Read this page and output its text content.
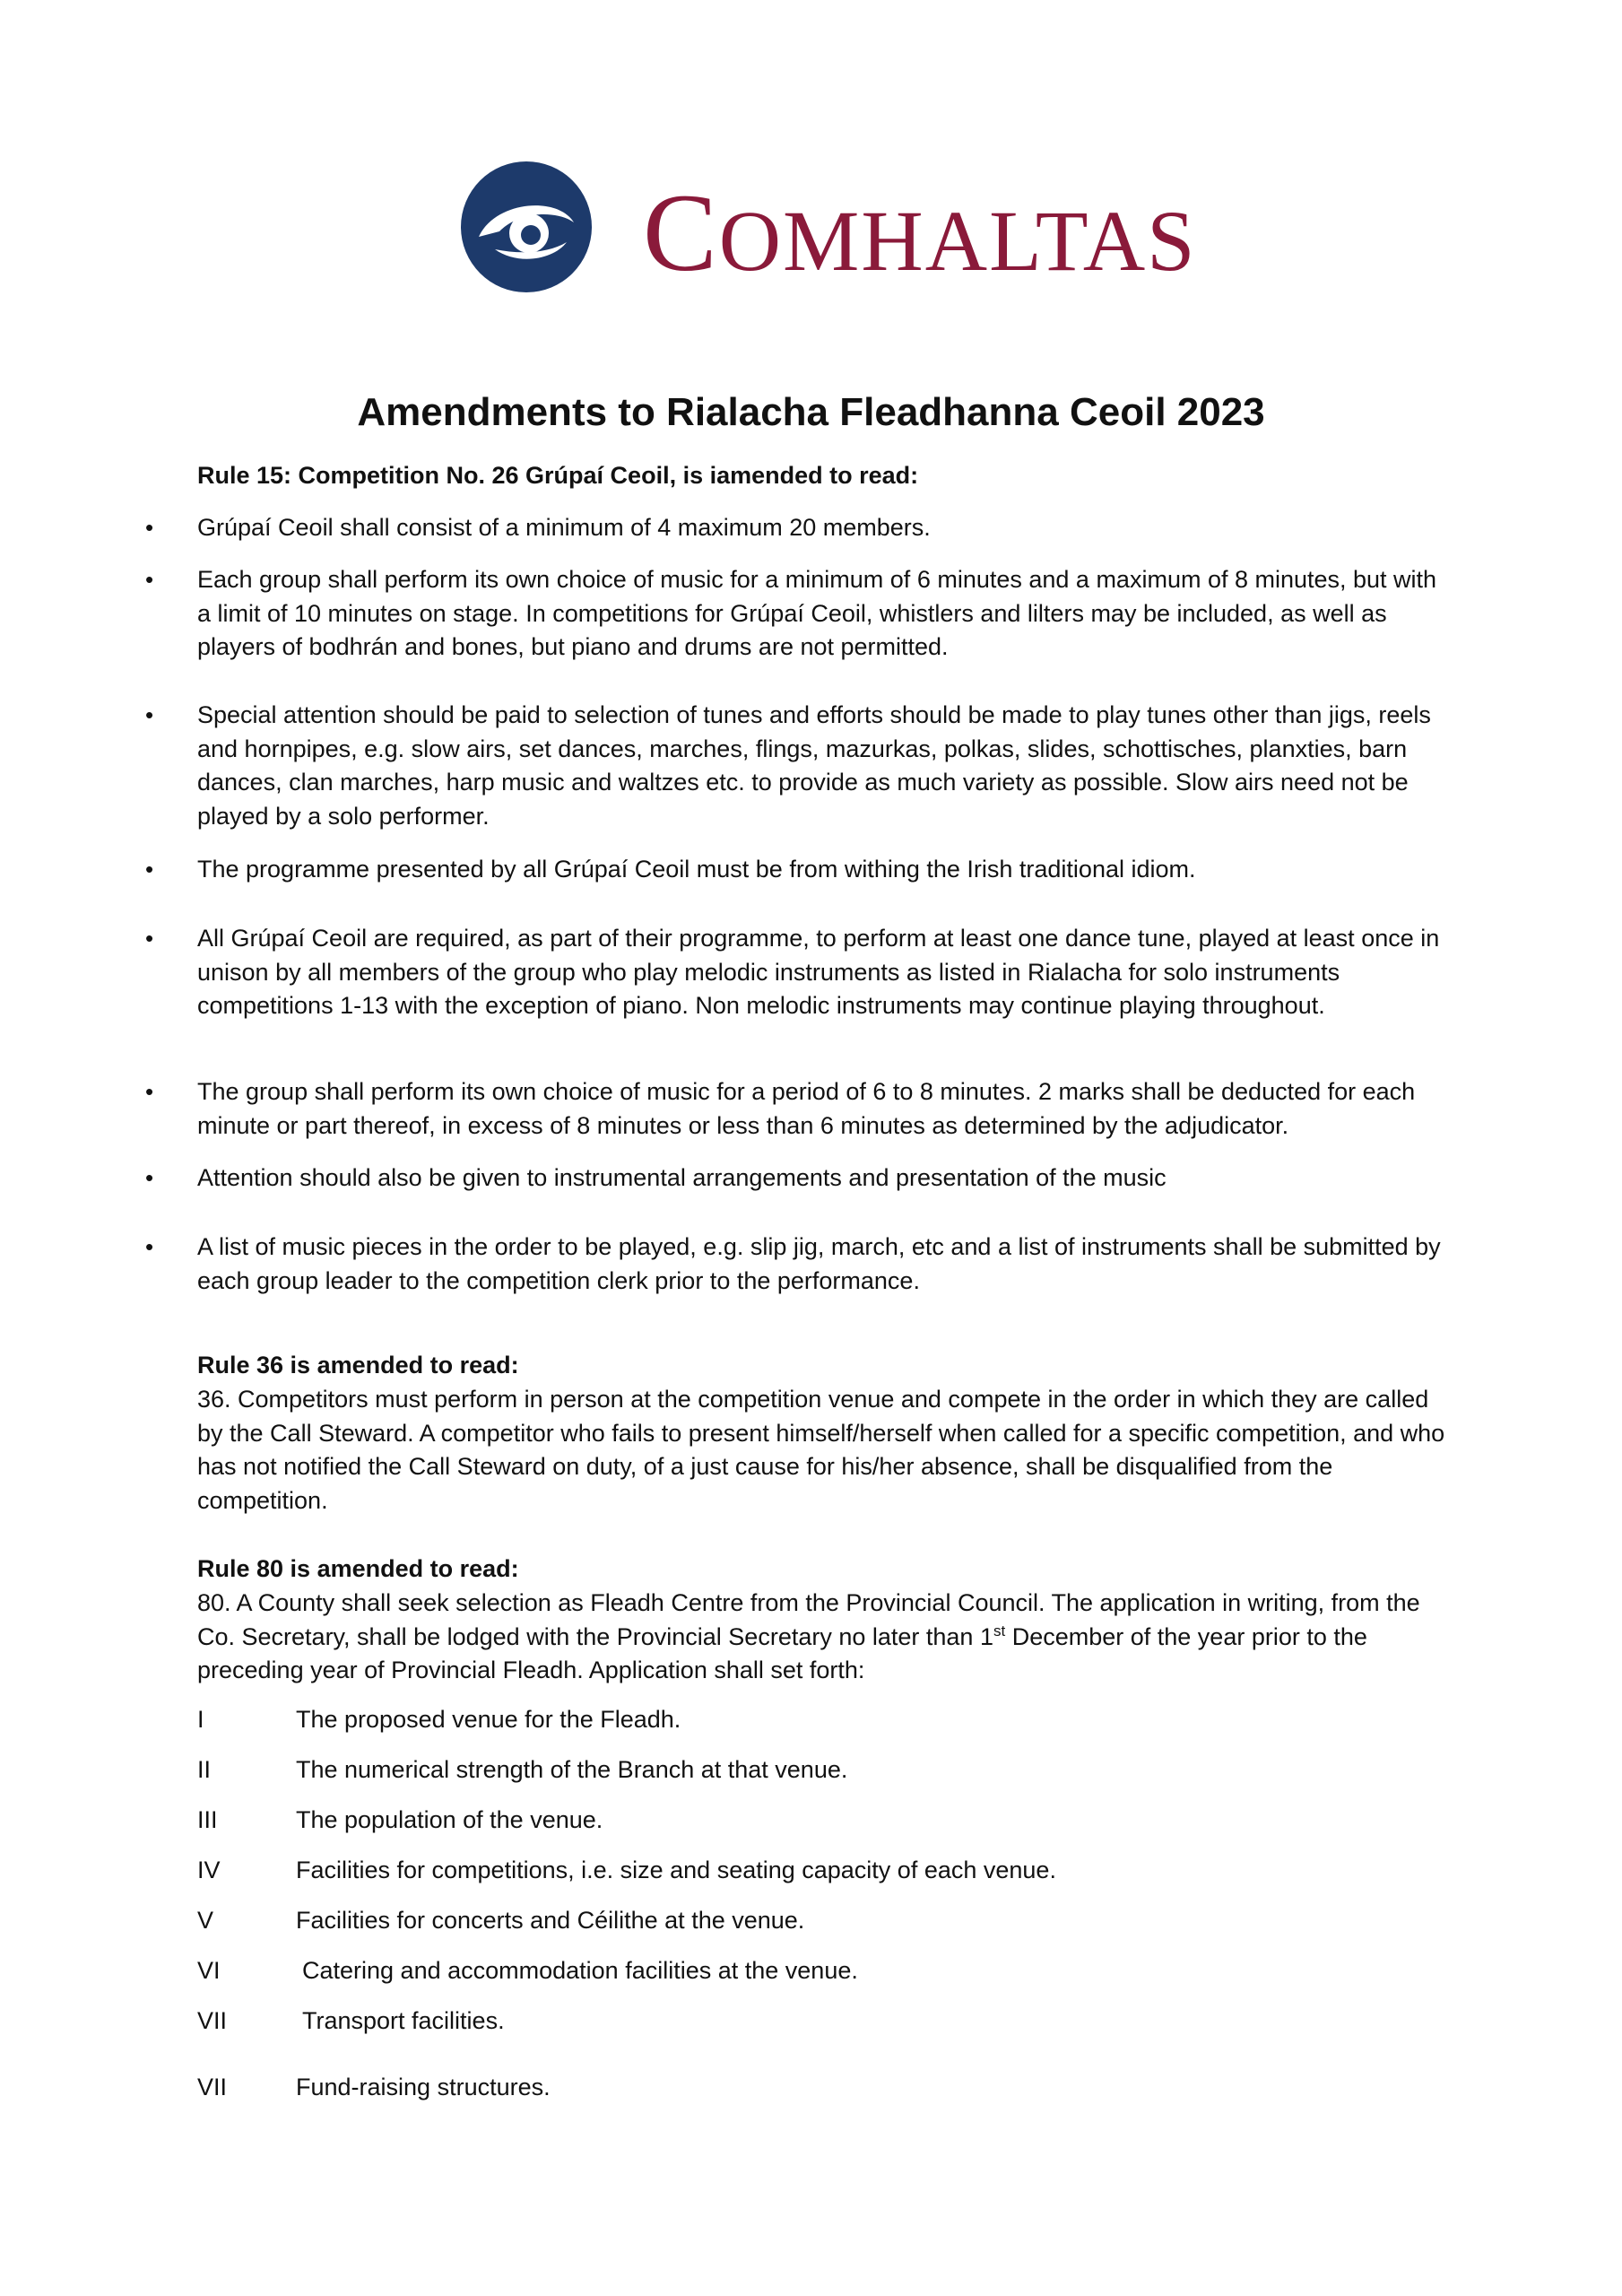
COMHALTAS
Amendments to Rialacha Fleadhanna Ceoil 2023
Rule 15: Competition No. 26 Grúpaí Ceoil, is iamended to read:
• Grúpaí Ceoil shall consist of a minimum of 4 maximum 20 members.
• Each group shall perform its own choice of music for a minimum of 6 minutes and a maximum of 8 minutes, but with a limit of 10 minutes on stage. In competitions for Grúpaí Ceoil, whistlers and lilters may be included, as well as players of bodhrán and bones, but piano and drums are not permitted.
• Special attention should be paid to selection of tunes and efforts should be made to play tunes other than jigs, reels and hornpipes, e.g. slow airs, set dances, marches, flings, mazurkas, polkas, slides, schottisches, planxties, barn dances, clan marches, harp music and waltzes etc. to provide as much variety as possible. Slow airs need not be played by a solo performer.
• The programme presented by all Grúpaí Ceoil must be from withing the Irish traditional idiom.
• All Grúpaí Ceoil are required, as part of their programme, to perform at least one dance tune, played at least once in unison by all members of the group who play melodic instruments as listed in Rialacha for solo instruments competitions 1-13 with the exception of piano. Non melodic instruments may continue playing throughout.
• The group shall perform its own choice of music for a period of 6 to 8 minutes. 2 marks shall be deducted for each minute or part thereof, in excess of 8 minutes or less than 6 minutes as determined by the adjudicator.
• Attention should also be given to instrumental arrangements and presentation of the music
• A list of music pieces in the order to be played, e.g. slip jig, march, etc and a list of instruments shall be submitted by each group leader to the competition clerk prior to the performance.
Rule 36 is amended to read:
36. Competitors must perform in person at the competition venue and compete in the order in which they are called by the Call Steward. A competitor who fails to present himself/herself when called for a specific competition, and who has not notified the Call Steward on duty, of a just cause for his/her absence, shall be disqualified from the competition.
Rule 80 is amended to read:
80. A County shall seek selection as Fleadh Centre from the Provincial Council. The application in writing, from the Co. Secretary, shall be lodged with the Provincial Secretary no later than 1st December of the year prior to the preceding year of Provincial Fleadh. Application shall set forth:
I	The proposed venue for the Fleadh.
II	The numerical strength of the Branch at that venue.
III	The population of the venue.
IV	Facilities for competitions, i.e. size and seating capacity of each venue.
V	Facilities for concerts and Céilithe at the venue.
VI	Catering and accommodation facilities at the venue.
VII	Transport facilities.
VII	Fund-raising structures.
